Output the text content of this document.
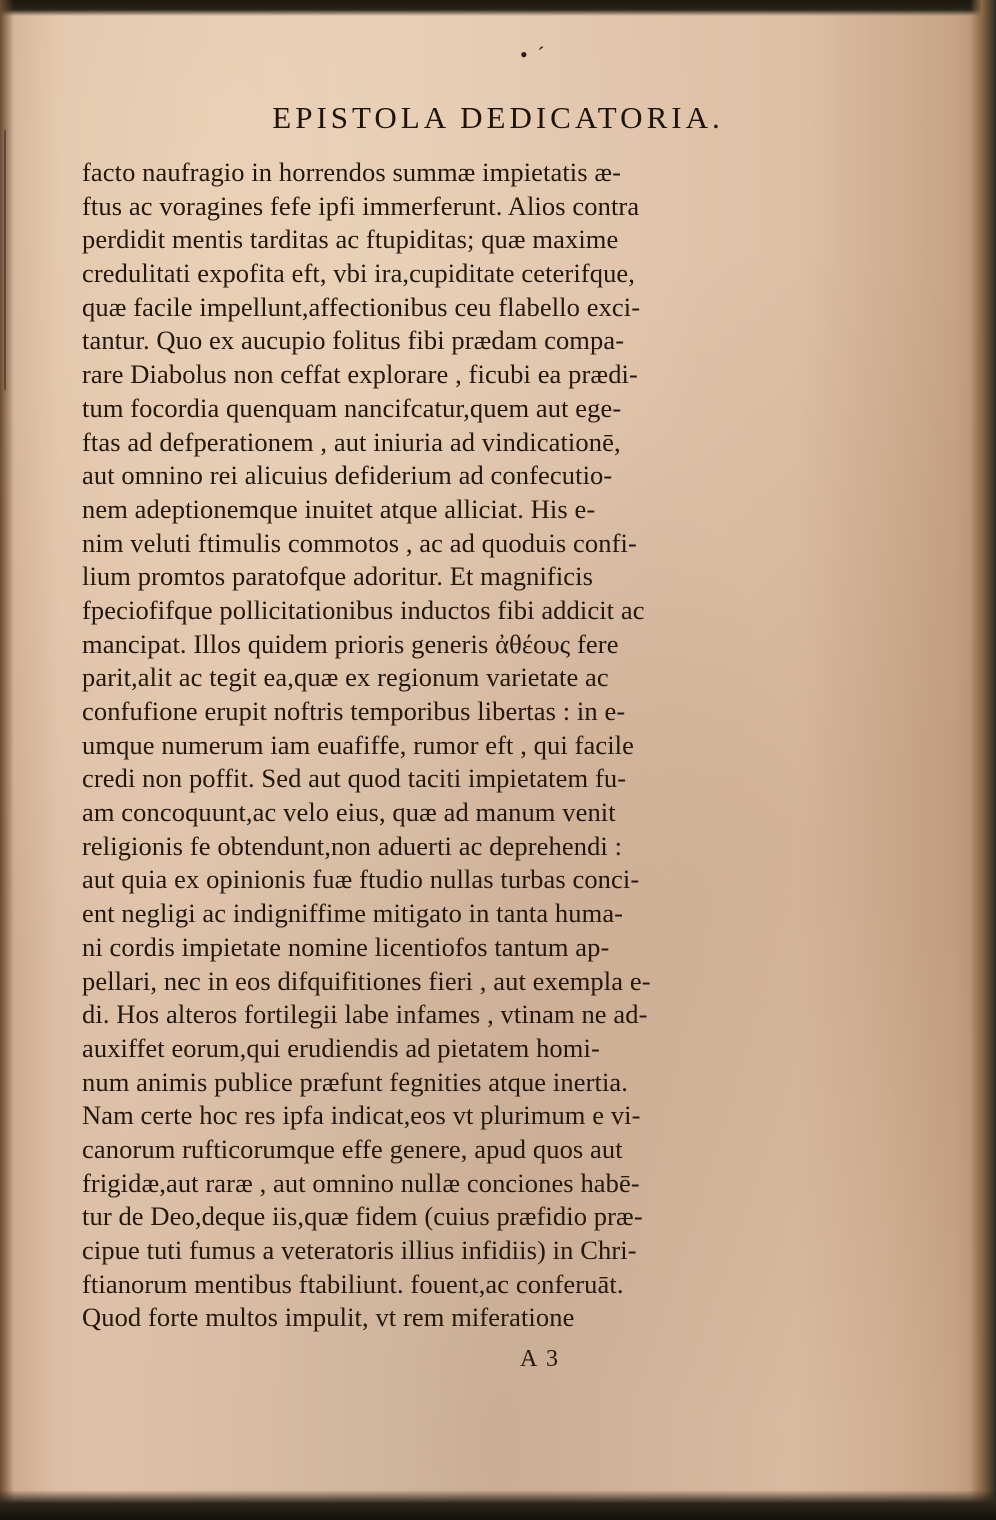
• ´
EPISTOLA DEDICATORIA.
facto naufragio in horrendos summæ impietatis æ-
ftus ac voragines fefe ipfi immerferunt. Alios contra
perdidit mentis tarditas ac ftupiditas; quæ maxime
credulitati expofita eft, vbi ira,cupiditate ceterifque,
quæ facile impellunt,affectionibus ceu flabello exci-
tantur. Quo ex aucupio folitus fibi prædam compa-
rare Diabolus non ceffat explorare , ficubi ea prædi-
tum focordia quenquam nancifcatur,quem aut ege-
ftas ad defperationem , aut iniuria ad vindicationē,
aut omnino rei alicuius defiderium ad confecutio-
nem adeptionemque inuitet atque alliciat. His e-
nim veluti ftimulis commotos , ac ad quoduis confi-
lium promtos paratofque adoritur. Et magnificis
fpeciofifque pollicitationibus inductos fibi addicit ac
mancipat. Illos quidem prioris generis ἀθέους fere
parit,alit ac tegit ea,quæ ex regionum varietate ac
confufione erupit noftris temporibus libertas : in e-
umque numerum iam euafiffe, rumor eft , qui facile
credi non poffit. Sed aut quod taciti impietatem fu-
am concoquunt,ac velo eius, quæ ad manum venit
religionis fe obtendunt,non aduerti ac deprehendi :
aut quia ex opinionis fuæ ftudio nullas turbas conci-
ent negligi ac indigniffime mitigato in tanta huma-
ni cordis impietate nomine licentiofos tantum ap-
pellari, nec in eos difquifitiones fieri , aut exempla e-
di. Hos alteros fortilegii labe infames , vtinam ne ad-
auxiffet eorum,qui erudiendis ad pietatem homi-
num animis publice præfunt fegnities atque inertia.
Nam certe hoc res ipfa indicat,eos vt plurimum e vi-
canorum rufticorumque effe genere, apud quos aut
frigidæ,aut raræ , aut omnino nullæ conciones habē-
tur de Deo,deque iis,quæ fidem (cuius præfidio præ-
cipue tuti fumus a veteratoris illius infidiis) in Chri-
ftianorum mentibus ftabiliunt. fouent,ac conferuāt.
Quod forte multos impulit, vt rem miferatione
A 3
